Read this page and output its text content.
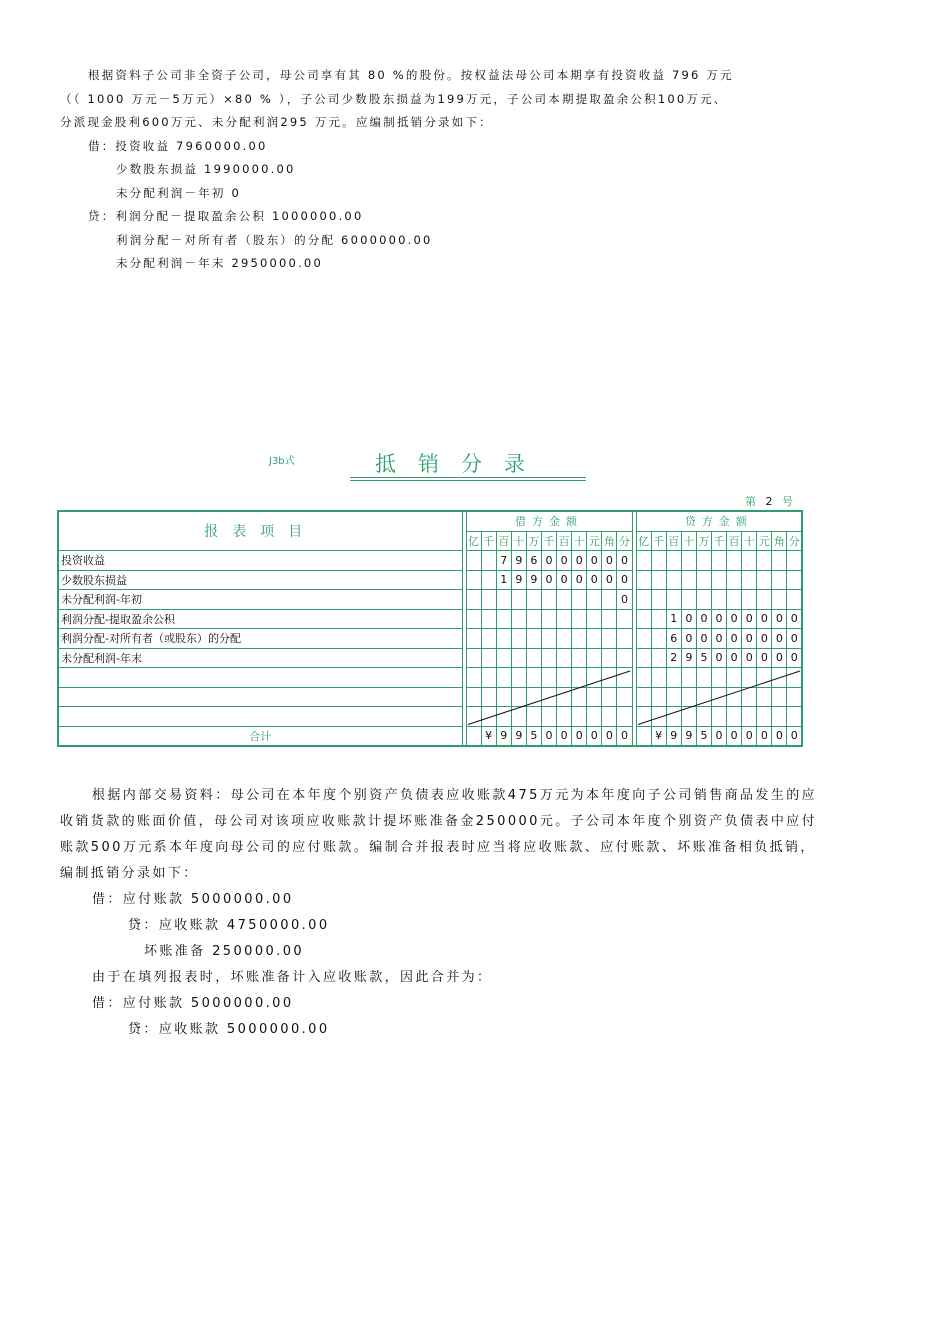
根据资料子公司非全资子公司，母公司享有其 80 %的股份。按权益法母公司本期享有投资收益 796 万元
（（ 1000 万元－5万元）×80 % ），子公司少数股东损益为199万元，子公司本期提取盈余公积100万元、
分派现金股利600万元、未分配利润295 万元。应编制抵销分录如下：
借：投资收益 7960000.00
少数股东损益 1990000.00
未分配利润－年初 0
贷：利润分配－提取盈余公积 1000000.00
利润分配－对所有者（股东）的分配 6000000.00
未分配利润－年末 2950000.00
J3b式	抵销分录
第 2 号
报表项目		借方金额												贷方金额										
		亿	千	百	十	万	千	百	十	元	角	分		亿	千	百	十	万	千	百	十	元	角	分
投资收益				7	9	6	0	0	0	0	0	0												
少数股东损益				1	9	9	0	0	0	0	0	0												
未分配利润-年初												0												
利润分配-提取盈余公积																1	0	0	0	0	0	0	0	0
利润分配-对所有者（或股东）的分配																6	0	0	0	0	0	0	0	0
未分配利润-年末																2	9	5	0	0	0	0	0	0

合计			¥	9	9	5	0	0	0	0	0	0			¥	9	9	5	0	0	0	0	0	0
根据内部交易资料：母公司在本年度个别资产负债表应收账款475万元为本年度向子公司销售商品发生的应
收销货款的账面价值，母公司对该项应收账款计提坏账准备金250000元。子公司本年度个别资产负债表中应付
账款500万元系本年度向母公司的应付账款。编制合并报表时应当将应收账款、应付账款、坏账准备相负抵销，
编制抵销分录如下：
借：应付账款 5000000.00
贷：应收账款 4750000.00
坏账准备 250000.00
由于在填列报表时，坏账准备计入应收账款，因此合并为：
借：应付账款 5000000.00
贷：应收账款 5000000.00
